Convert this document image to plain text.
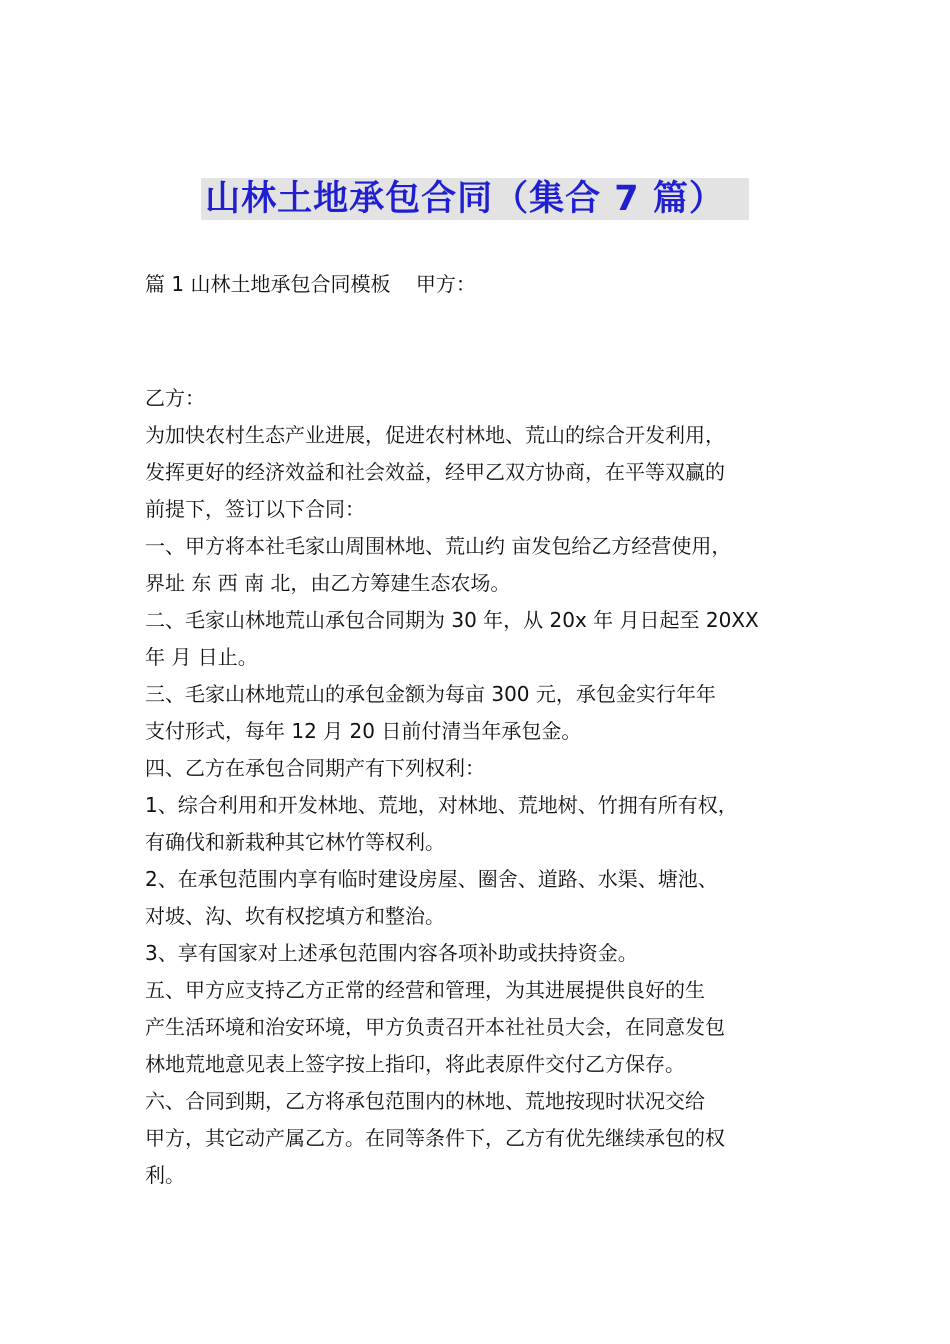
山林土地承包合同（集合 7 篇）
篇 1 山林土地承包合同模板    甲方：

乙方：

为加快农村生态产业进展，促进农村林地、荒山的综合开发利用，
发挥更好的经济效益和社会效益，经甲乙双方协商，在平等双赢的
前提下，签订以下合同：

一、甲方将本社毛家山周围林地、荒山约 亩发包给乙方经营使用，
界址 东 西 南 北，由乙方筹建生态农场。

二、毛家山林地荒山承包合同期为 30 年，从 20x 年 月日起至 20XX
年 月 日止。

三、毛家山林地荒山的承包金额为每亩 300 元，承包金实行年年
支付形式，每年 12 月 20 日前付清当年承包金。

四、乙方在承包合同期产有下列权利：

1、综合利用和开发林地、荒地，对林地、荒地树、竹拥有所有权，
有确伐和新栽种其它林竹等权利。

2、在承包范围内享有临时建设房屋、圈舍、道路、水渠、塘池、
对坡、沟、坎有权挖填方和整治。

3、享有国家对上述承包范围内容各项补助或扶持资金。

五、甲方应支持乙方正常的经营和管理，为其进展提供良好的生
产生活环境和治安环境，甲方负责召开本社社员大会，在同意发包
林地荒地意见表上签字按上指印，将此表原件交付乙方保存。

六、合同到期，乙方将承包范围内的林地、荒地按现时状况交给
甲方，其它动产属乙方。在同等条件下，乙方有优先继续承包的权
利。
